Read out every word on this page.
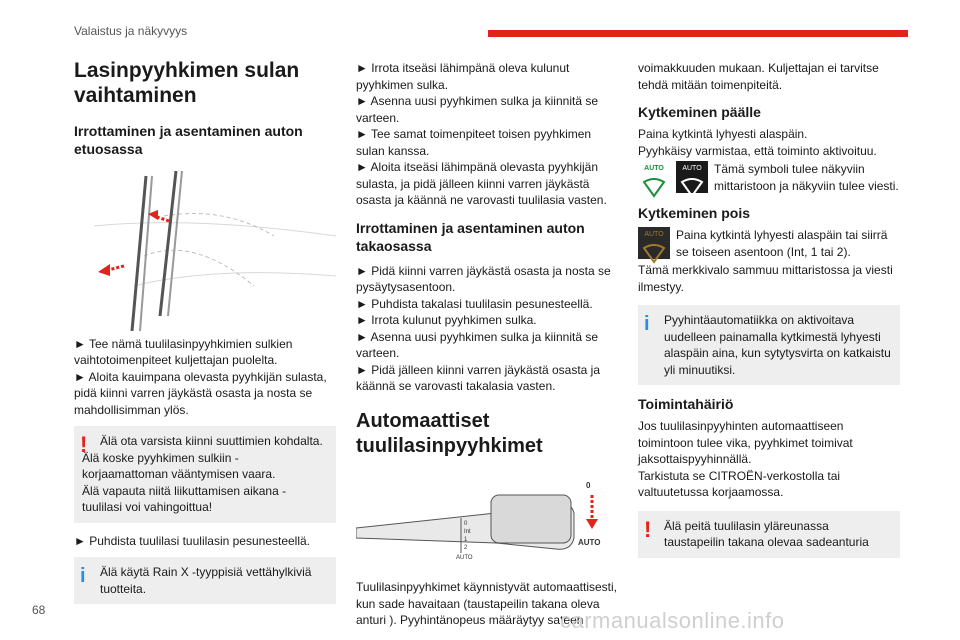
Valaistus ja näkyvyys
Lasinpyyhkimen sulan vaihtaminen
Irrottaminen ja asentaminen auton etuosassa

► Tee nämä tuulilasinpyyhkimien sulkien vaihtotoimenpiteet kuljettajan puolelta.

► Aloita kauimpana olevasta pyyhkijän sulasta, pidä kiinni varren jäykästä osasta ja nosta se mahdollisimman ylös.

!	Älä ota varsista kiinni suuttimien kohdalta.

Älä koske pyyhkimen sulkiin - korjaamattoman vääntymisen vaara.

Älä vapauta niitä liikuttamisen aikana - tuulilasi voi vahingoittua!

► Puhdista tuulilasi tuulilasin pesunesteellä.

i	Älä käytä Rain X -tyyppisiä vettähylkiviä tuotteita.

► Irrota itseäsi lähimpänä oleva kulunut pyyhkimen sulka.

► Asenna uusi pyyhkimen sulka ja kiinnitä se varteen.

► Tee samat toimenpiteet toisen pyyhkimen sulan kanssa.

► Aloita itseäsi lähimpänä olevasta pyyhkijän sulasta, ja pidä jälleen kiinni varren jäykästä osasta ja käännä ne varovasti tuulilasia vasten.

Irrottaminen ja asentaminen auton takaosassa

► Pidä kiinni varren jäykästä osasta ja nosta se pysäytysasentoon.

► Puhdista takalasi tuulilasin pesunesteellä.

► Irrota kulunut pyyhkimen sulka.

► Asenna uusi pyyhkimen sulka ja kiinnitä se varteen.

► Pidä jälleen kiinni varren jäykästä osasta ja käännä se varovasti takalasia vasten.

Automaattiset tuulilasinpyyhkimet
0
Int
1
2
AUTO
0
AUTO

Tuulilasinpyyhkimet käynnistyvät automaattisesti, kun sade havaitaan (taustapeilin takana oleva anturi ). Pyyhintänopeus määräytyy sateen

voimakkuuden mukaan. Kuljettajan ei tarvitse tehdä mitään toimenpiteitä.

Kytkeminen päälle

Paina kytkintä lyhyesti alaspäin.

Pyyhkäisy varmistaa, että toiminto aktivoituu.

AUTO	AUTO	Tämä symboli tulee näkyviin mittaristoon ja näkyviin tulee viesti.

Kytkeminen pois
AUTO	Paina kytkintä lyhyesti alaspäin tai siirrä se toiseen asentoon (Int, 1 tai 2).

Tämä merkkivalo sammuu mittaristossa ja viesti ilmestyy.

i	Pyyhintäautomatiikka on aktivoitava uudelleen painamalla kytkimestä lyhyesti alaspäin aina, kun sytytysvirta on katkaistu yli minuutiksi.

Toimintahäiriö

Jos tuulilasinpyyhinten automaattiseen toimintoon tulee vika, pyyhkimet toimivat jaksottaispyyhinnällä.

Tarkistuta se CITROËN-verkostolla tai valtuutetussa korjaamossa.

!	Älä peitä tuulilasin yläreunassa taustapeilin takana olevaa sadeanturia

68	carmanualsonline.info
